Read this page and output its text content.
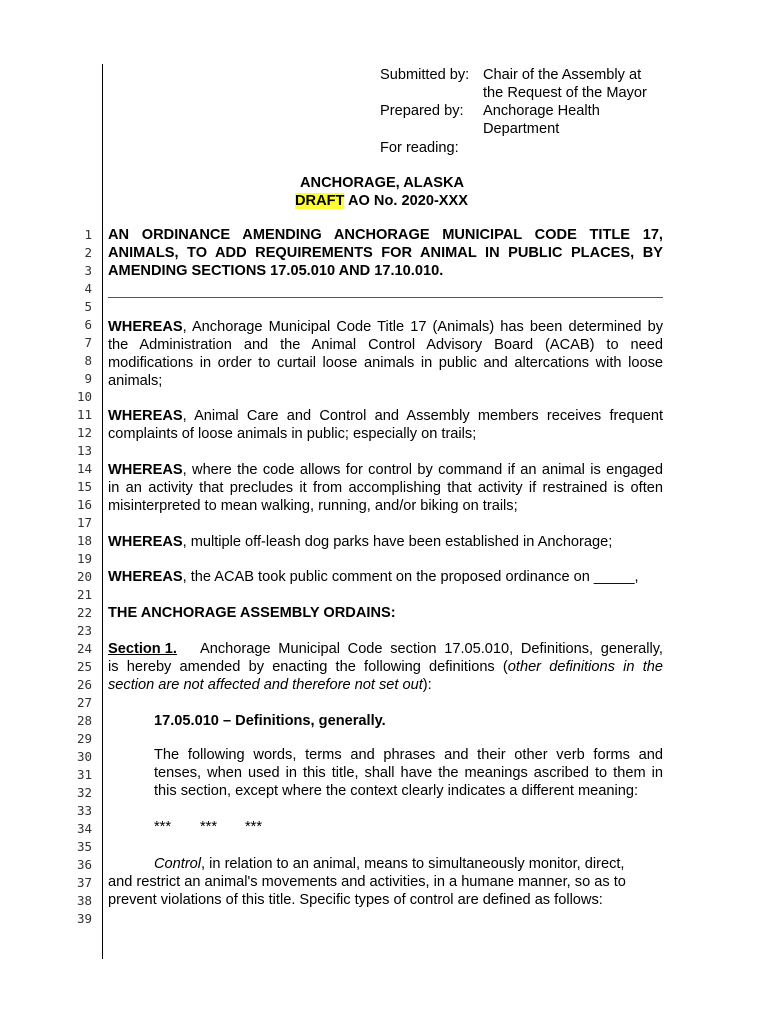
Submitted by: Chair of the Assembly at
the Request of the Mayor
Prepared by: Anchorage Health
Department
For reading:
ANCHORAGE, ALASKA
DRAFT AO No. 2020-XXX
1
2
3
4
5
6
7
8
9
10
11
12
13
14
15
16
17
18
19
20
21
22
23
24
25
26
27
28
29
30
31
32
33
34
35
36
37
38
39
AN ORDINANCE AMENDING ANCHORAGE MUNICIPAL CODE TITLE 17,
ANIMALS, TO ADD REQUIREMENTS FOR ANIMAL IN PUBLIC PLACES, BY
AMENDING SECTIONS 17.05.010 AND 17.10.010.
WHEREAS, Anchorage Municipal Code Title 17 (Animals) has been determined by
the Administration and the Animal Control Advisory Board (ACAB) to need
modifications in order to curtail loose animals in public and altercations with loose
animals;
WHEREAS, Animal Care and Control and Assembly members receives frequent
complaints of loose animals in public; especially on trails;
WHEREAS, where the code allows for control by command if an animal is engaged
in an activity that precludes it from accomplishing that activity if restrained is often
misinterpreted to mean walking, running, and/or biking on trails;
WHEREAS, multiple off-leash dog parks have been established in Anchorage;
WHEREAS, the ACAB took public comment on the proposed ordinance on _____,
THE ANCHORAGE ASSEMBLY ORDAINS:
Section 1. Anchorage Municipal Code section 17.05.010, Definitions, generally,
is hereby amended by enacting the following definitions (other definitions in the
section are not affected and therefore not set out):
17.05.010 – Definitions, generally.
The following words, terms and phrases and their other verb forms and
tenses, when used in this title, shall have the meanings ascribed to them in
this section, except where the context clearly indicates a different meaning:
*** *** ***
Control, in relation to an animal, means to simultaneously monitor, direct,
and restrict an animal's movements and activities, in a humane manner, so as to
prevent violations of this title. Specific types of control are defined as follows:
